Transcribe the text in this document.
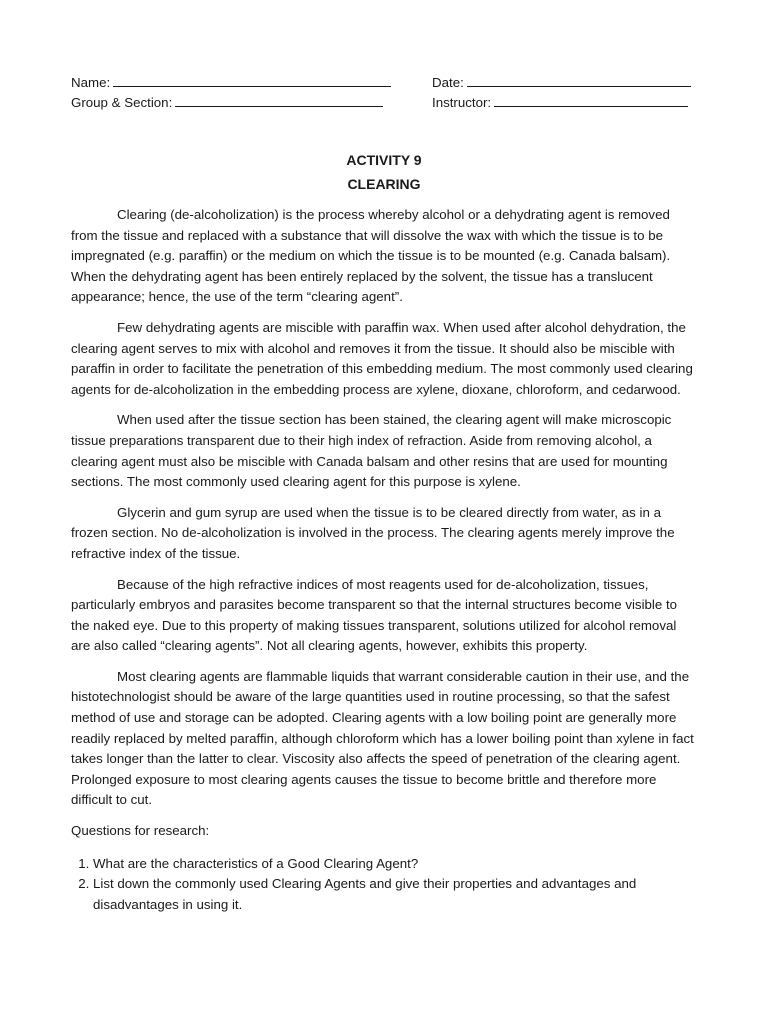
Name:
Group & Section:
Date:
Instructor:
ACTIVITY 9
CLEARING

Clearing (de-alcoholization) is the process whereby alcohol or a dehydrating agent is removed from the tissue and replaced with a substance that will dissolve the wax with which the tissue is to be impregnated (e.g. paraffin) or the medium on which the tissue is to be mounted (e.g. Canada balsam). When the dehydrating agent has been entirely replaced by the solvent, the tissue has a translucent appearance; hence, the use of the term “clearing agent”.

Few dehydrating agents are miscible with paraffin wax. When used after alcohol dehydration, the clearing agent serves to mix with alcohol and removes it from the tissue. It should also be miscible with paraffin in order to facilitate the penetration of this embedding medium. The most commonly used clearing agents for de-alcoholization in the embedding process are xylene, dioxane, chloroform, and cedarwood.

When used after the tissue section has been stained, the clearing agent will make microscopic tissue preparations transparent due to their high index of refraction. Aside from removing alcohol, a clearing agent must also be miscible with Canada balsam and other resins that are used for mounting sections. The most commonly used clearing agent for this purpose is xylene.

Glycerin and gum syrup are used when the tissue is to be cleared directly from water, as in a frozen section. No de-alcoholization is involved in the process. The clearing agents merely improve the refractive index of the tissue.

Because of the high refractive indices of most reagents used for de-alcoholization, tissues, particularly embryos and parasites become transparent so that the internal structures become visible to the naked eye. Due to this property of making tissues transparent, solutions utilized for alcohol removal are also called “clearing agents”. Not all clearing agents, however, exhibits this property.

Most clearing agents are flammable liquids that warrant considerable caution in their use, and the histotechnologist should be aware of the large quantities used in routine processing, so that the safest method of use and storage can be adopted. Clearing agents with a low boiling point are generally more readily replaced by melted paraffin, although chloroform which has a lower boiling point than xylene in fact takes longer than the latter to clear. Viscosity also affects the speed of penetration of the clearing agent. Prolonged exposure to most clearing agents causes the tissue to become brittle and therefore more difficult to cut.

Questions for research:

1. What are the characteristics of a Good Clearing Agent?
2. List down the commonly used Clearing Agents and give their properties and advantages and disadvantages in using it.
